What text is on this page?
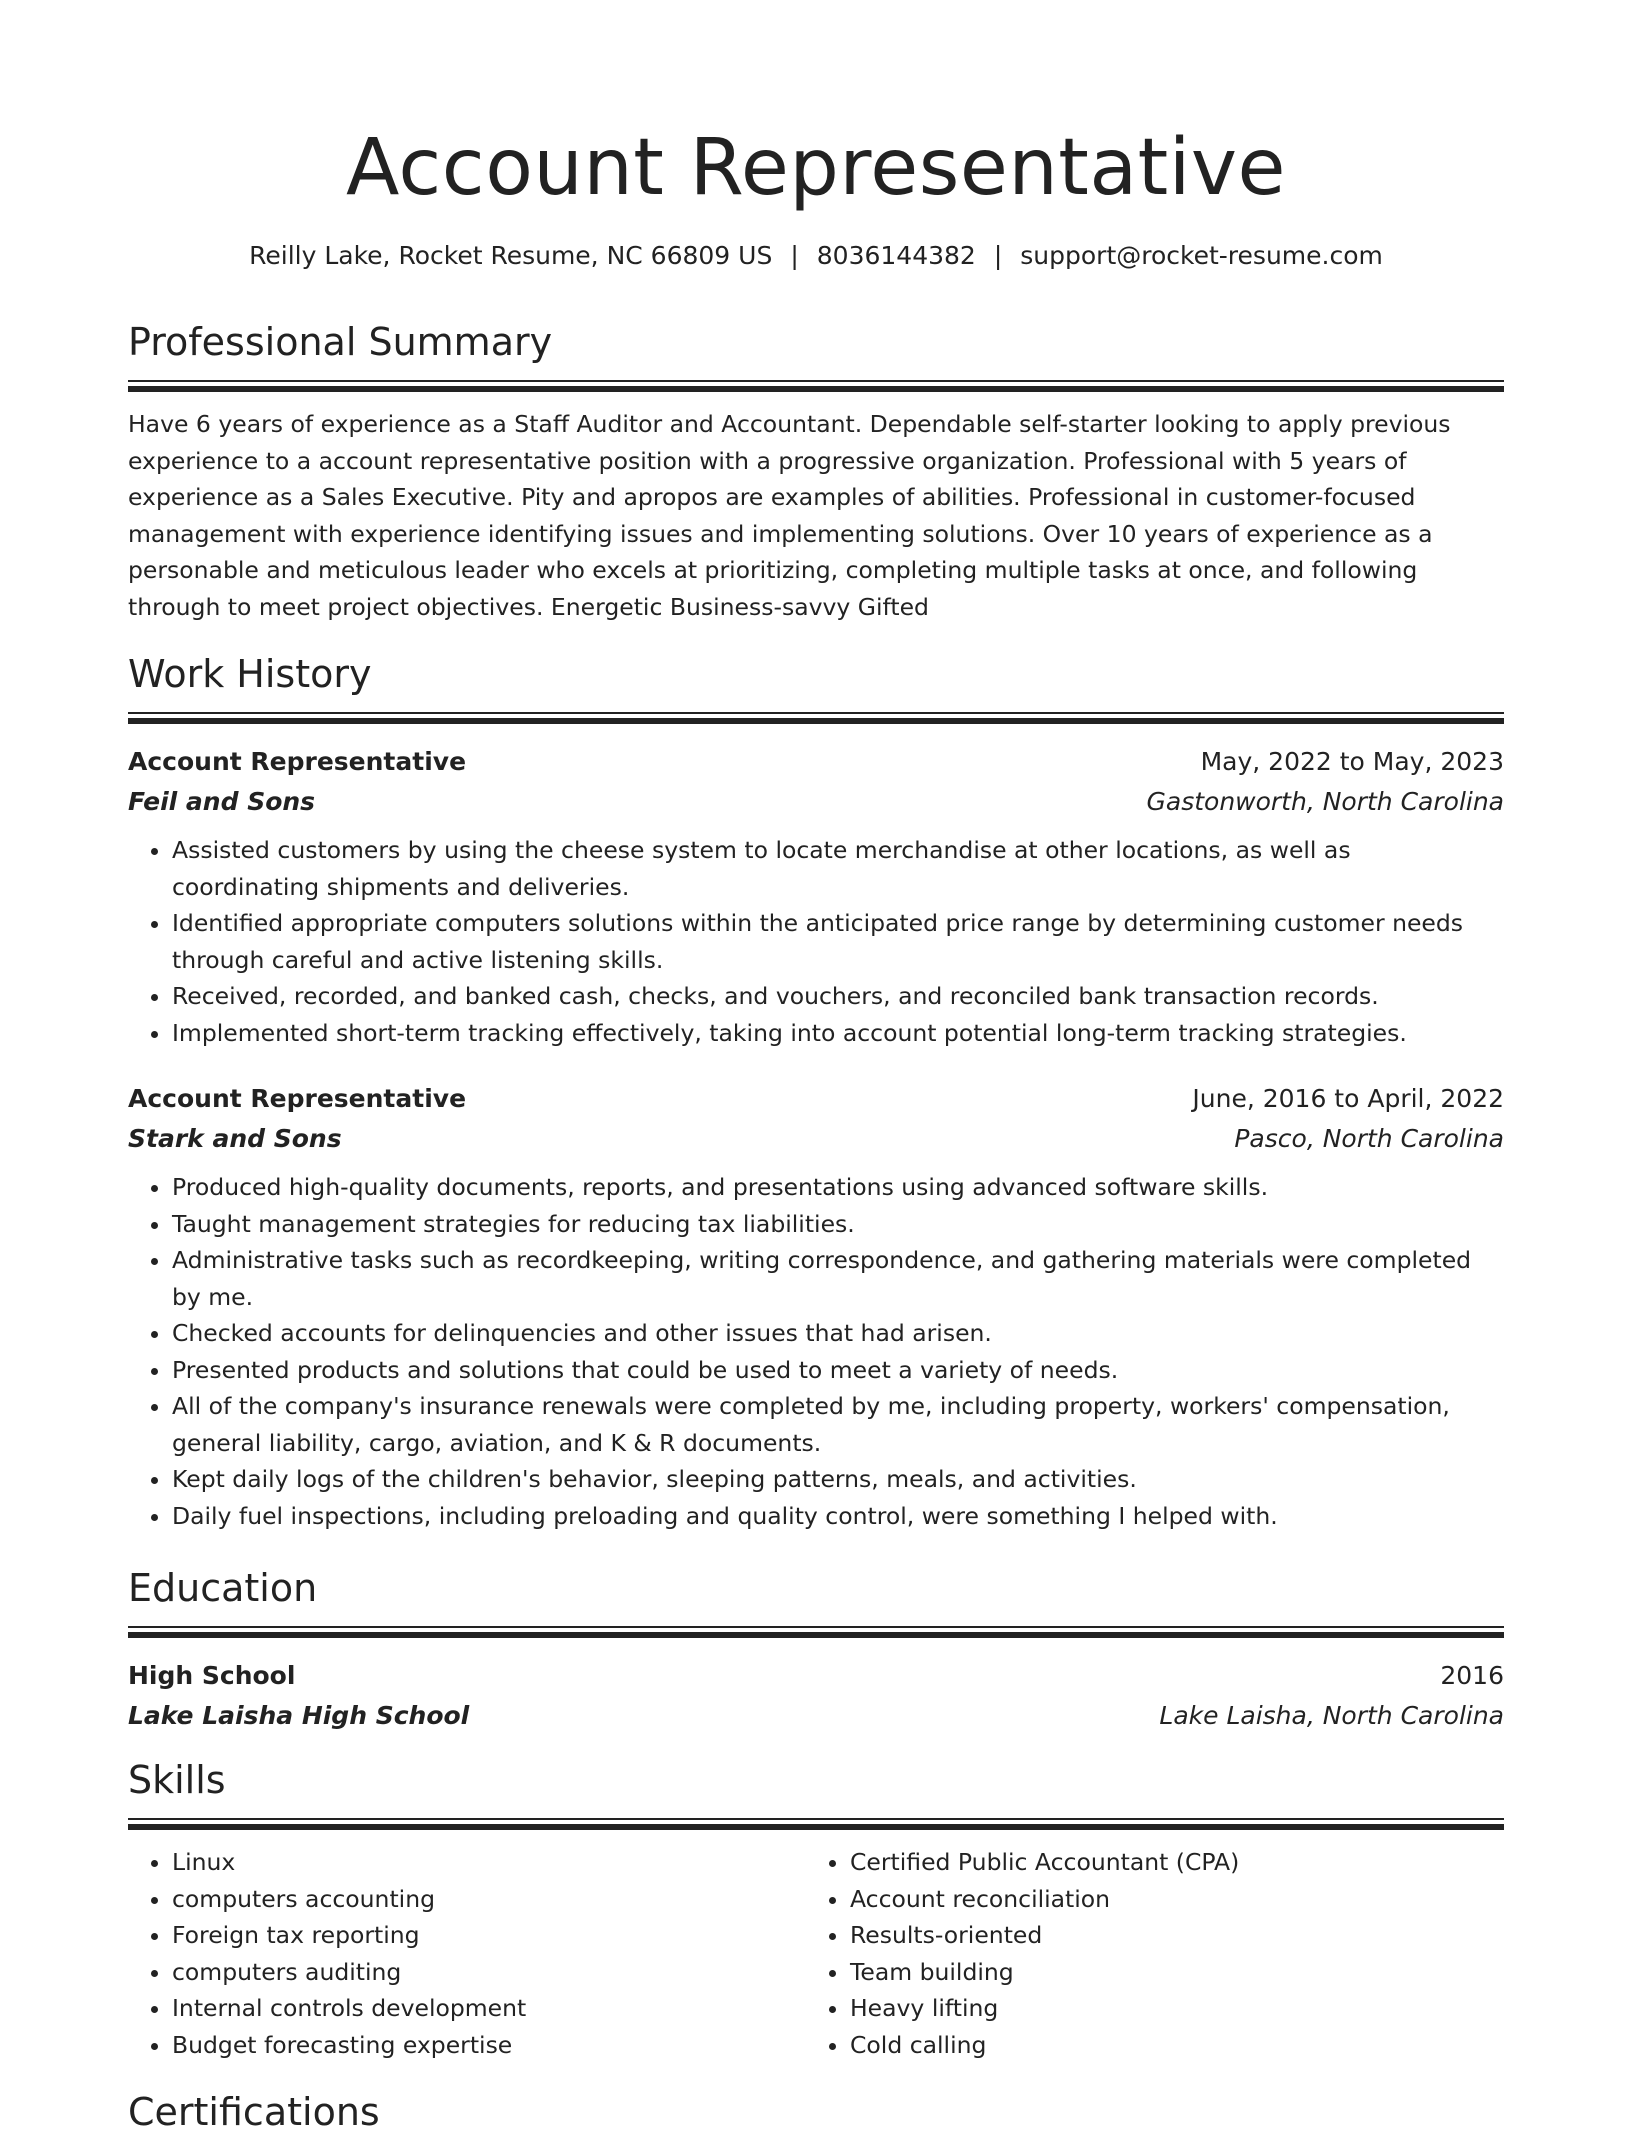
Account Representative
Reilly Lake, Rocket Resume, NC 66809 US | 8036144382 | support@rocket-resume.com
Professional Summary
Have 6 years of experience as a Staff Auditor and Accountant. Dependable self-starter looking to apply previous experience to a account representative position with a progressive organization. Professional with 5 years of experience as a Sales Executive. Pity and apropos are examples of abilities. Professional in customer-focused management with experience identifying issues and implementing solutions. Over 10 years of experience as a personable and meticulous leader who excels at prioritizing, completing multiple tasks at once, and following through to meet project objectives. Energetic Business-savvy Gifted
Work History
Account Representative	May, 2022 to May, 2023
Feil and Sons	Gastonworth, North Carolina
• Assisted customers by using the cheese system to locate merchandise at other locations, as well as coordinating shipments and deliveries.
• Identified appropriate computers solutions within the anticipated price range by determining customer needs through careful and active listening skills.
• Received, recorded, and banked cash, checks, and vouchers, and reconciled bank transaction records.
• Implemented short-term tracking effectively, taking into account potential long-term tracking strategies.
Account Representative	June, 2016 to April, 2022
Stark and Sons	Pasco, North Carolina
• Produced high-quality documents, reports, and presentations using advanced software skills.
• Taught management strategies for reducing tax liabilities.
• Administrative tasks such as recordkeeping, writing correspondence, and gathering materials were completed by me.
• Checked accounts for delinquencies and other issues that had arisen.
• Presented products and solutions that could be used to meet a variety of needs.
• All of the company's insurance renewals were completed by me, including property, workers' compensation, general liability, cargo, aviation, and K & R documents.
• Kept daily logs of the children's behavior, sleeping patterns, meals, and activities.
• Daily fuel inspections, including preloading and quality control, were something I helped with.
Education
High School	2016
Lake Laisha High School	Lake Laisha, North Carolina
Skills
• Linux
• computers accounting
• Foreign tax reporting
• computers auditing
• Internal controls development
• Budget forecasting expertise
• Certified Public Accountant (CPA)
• Account reconciliation
• Results-oriented
• Team building
• Heavy lifting
• Cold calling
Certifications
